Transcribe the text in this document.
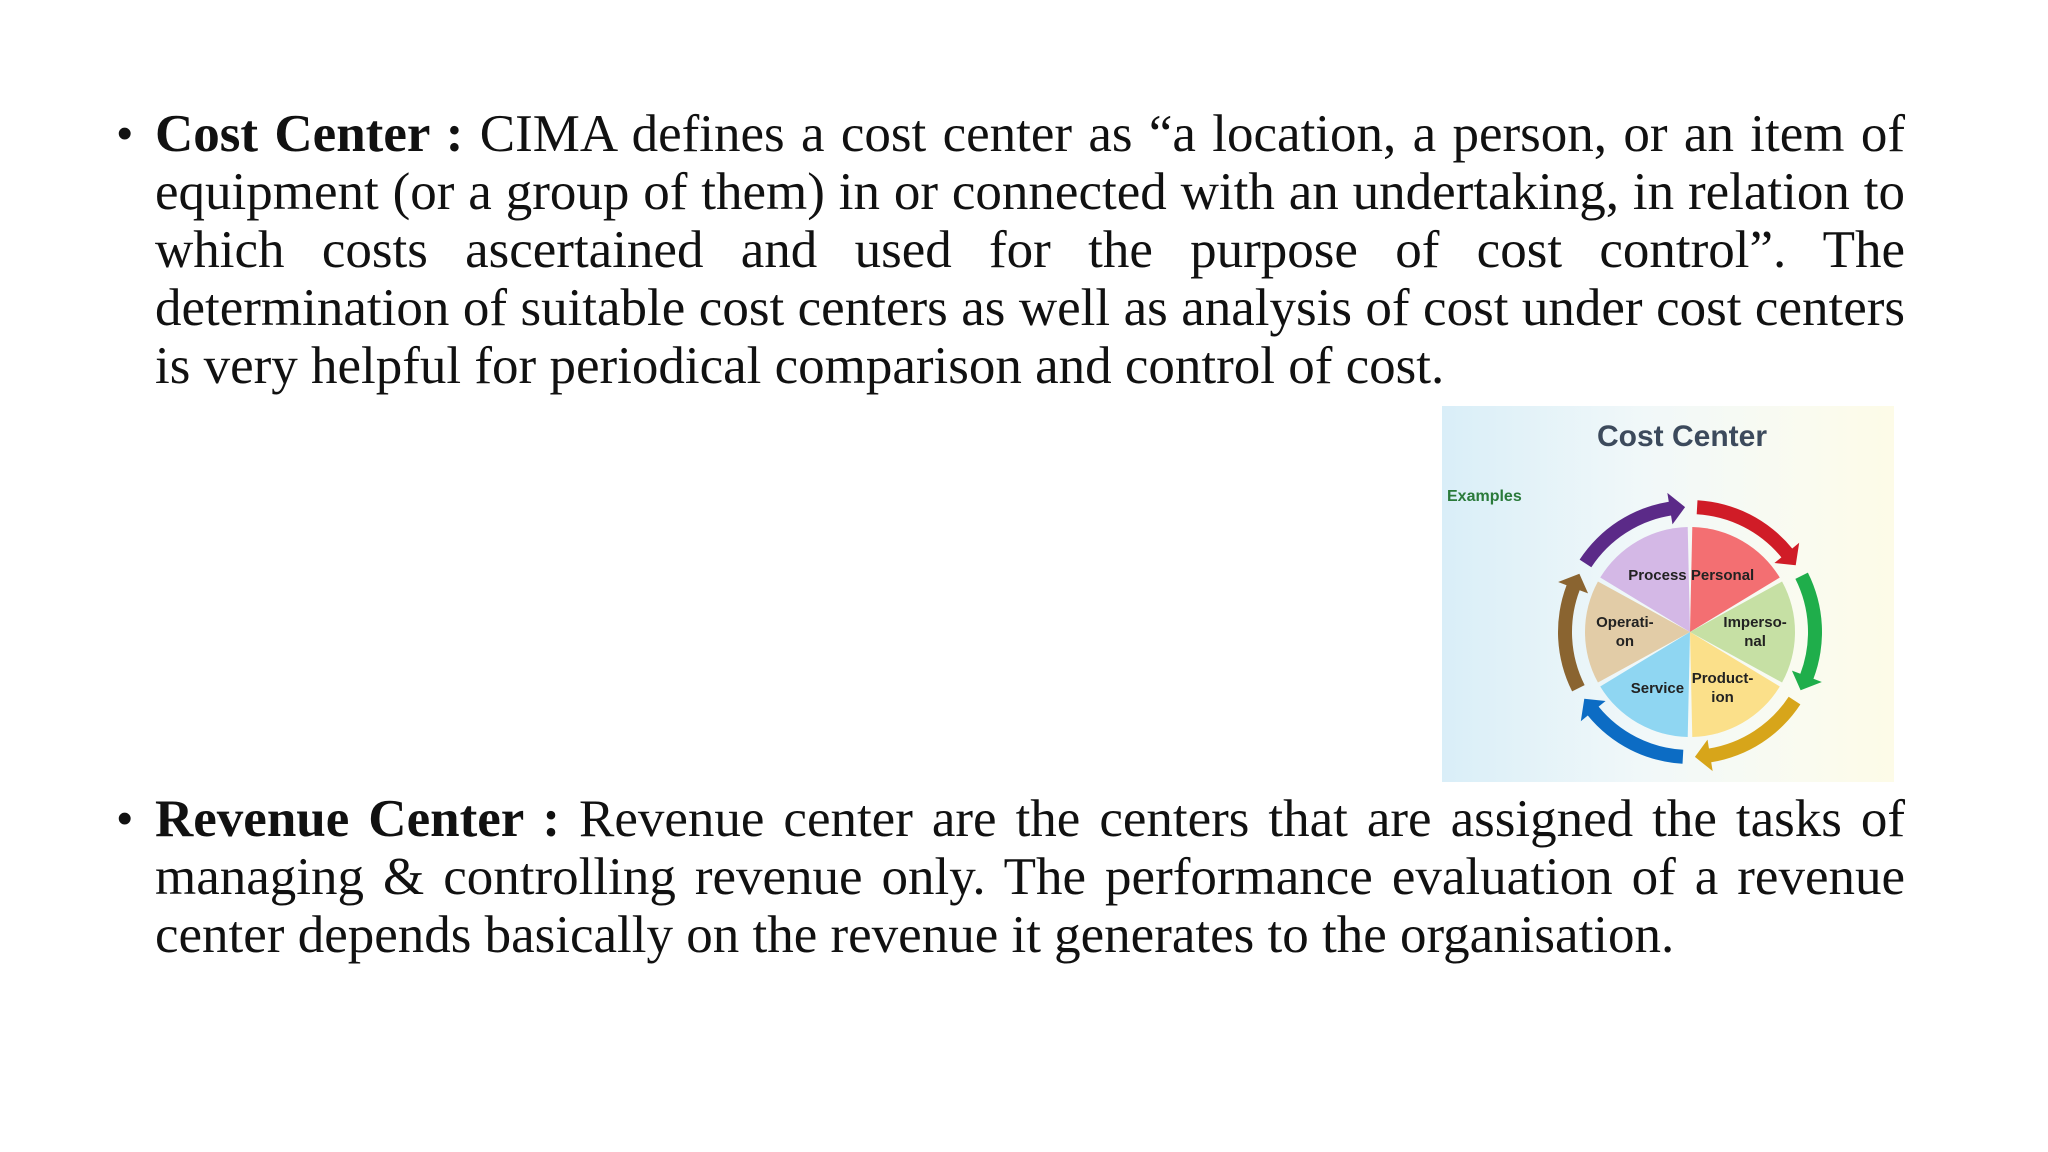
• Cost Center : CIMA defines a cost center as “a location, a person, or an item of equipment (or a group of them) in or connected with an undertaking, in relation to which costs ascertained and used for the purpose of cost control”. The determination of suitable cost centers as well as analysis of cost under cost centers is very helpful for periodical comparison and control of cost.

Cost Center
Examples
Personal
Imperso-
nal
Product-
ion
Service
Operati-
on
Process
• Revenue Center : Revenue center are the centers that are assigned the tasks of managing & controlling revenue only. The performance evaluation of a revenue center depends basically on the revenue it generates to the organisation.
